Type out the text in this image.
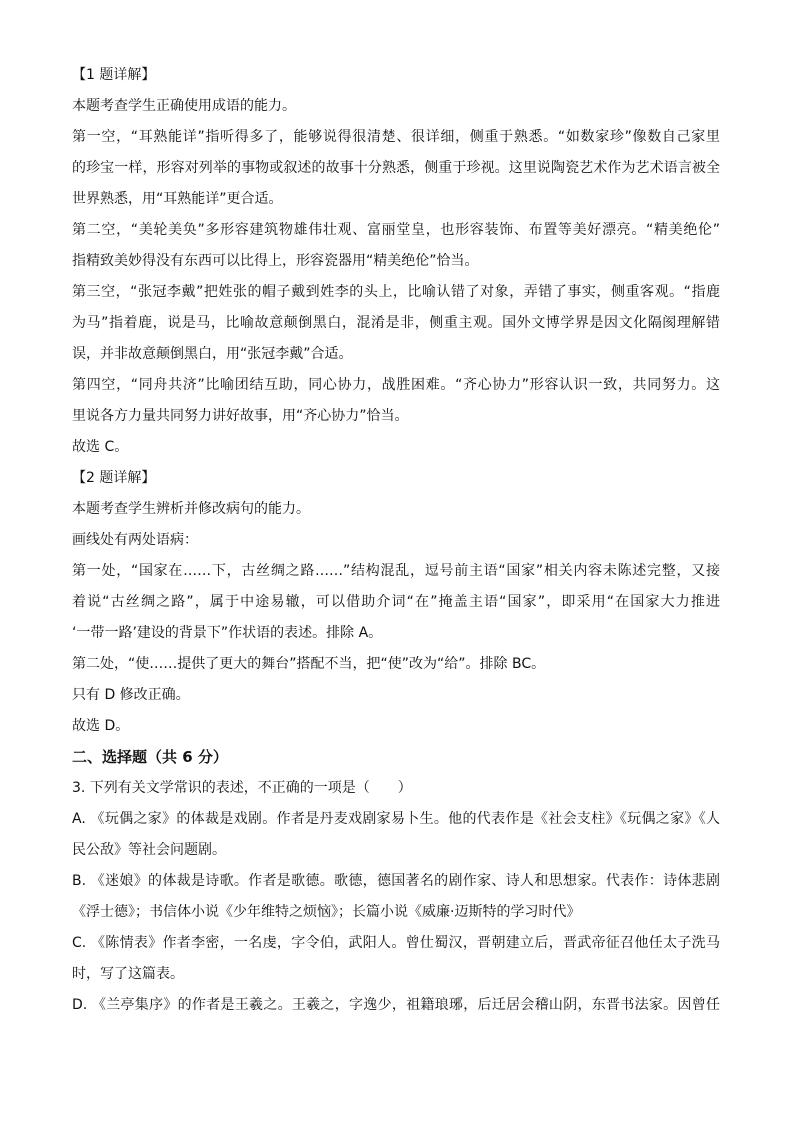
【1 题详解】
本题考查学生正确使用成语的能力。
第一空，“耳熟能详”指听得多了，能够说得很清楚、很详细，侧重于熟悉。“如数家珍”像数自己家里
的珍宝一样，形容对列举的事物或叙述的故事十分熟悉，侧重于珍视。这里说陶瓷艺术作为艺术语言被全
世界熟悉，用“耳熟能详”更合适。
第二空，“美轮美奂”多形容建筑物雄伟壮观、富丽堂皇，也形容装饰、布置等美好漂亮。“精美绝伦”
指精致美妙得没有东西可以比得上，形容瓷器用“精美绝伦”恰当。
第三空，“张冠李戴”把姓张的帽子戴到姓李的头上，比喻认错了对象，弄错了事实，侧重客观。“指鹿
为马”指着鹿，说是马，比喻故意颠倒黑白，混淆是非，侧重主观。国外文博学界是因文化隔阂理解错
误，并非故意颠倒黑白，用“张冠李戴”合适。
第四空，“同舟共济”比喻团结互助，同心协力，战胜困难。“齐心协力”形容认识一致，共同努力。这
里说各方力量共同努力讲好故事，用“齐心协力”恰当。
故选 C。
【2 题详解】
本题考查学生辨析并修改病句的能力。
画线处有两处语病：
第一处，“国家在……下，古丝绸之路……”结构混乱，逗号前主语“国家”相关内容未陈述完整，又接
着说“古丝绸之路”，属于中途易辙，可以借助介词“在”掩盖主语“国家”，即采用“在国家大力推进
‘一带一路’建设的背景下”作状语的表述。排除 A。
第二处，“使……提供了更大的舞台”搭配不当，把“使”改为“给”。排除 BC。
只有 D 修改正确。
故选 D。
二、选择题（共 6 分）
3. 下列有关文学常识的表述，不正确的一项是（　　）
A. 《玩偶之家》的体裁是戏剧。作者是丹麦戏剧家易卜生。他的代表作是《社会支柱》《玩偶之家》《人
民公敌》等社会问题剧。
B. 《迷娘》的体裁是诗歌。作者是歌德。歌德，德国著名的剧作家、诗人和思想家。代表作：诗体悲剧
《浮士德》；书信体小说《少年维特之烦恼》；长篇小说《威廉·迈斯特的学习时代》
C. 《陈情表》作者李密，一名虔，字令伯，武阳人。曾仕蜀汉，晋朝建立后，晋武帝征召他任太子洗马
时，写了这篇表。
D. 《兰亭集序》的作者是王羲之。王羲之，字逸少，祖籍琅琊，后迁居会稽山阴，东晋书法家。因曾任
